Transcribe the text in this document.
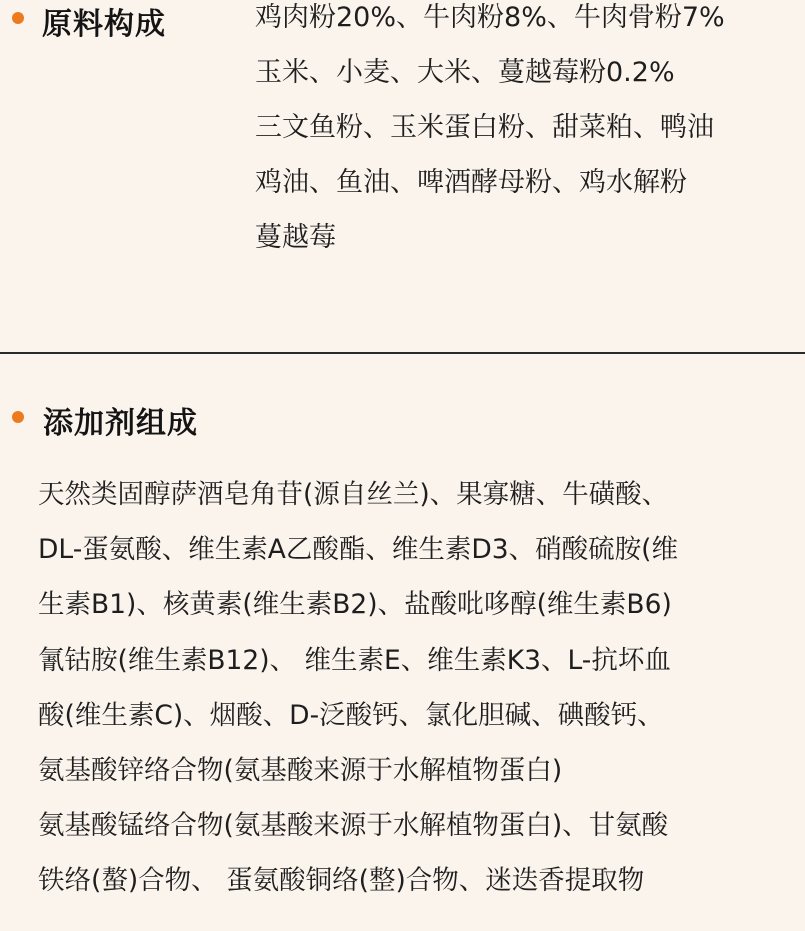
原料构成	鸡肉粉20%、牛肉粉8%、牛肉骨粉7%
玉米、小麦、大米、蔓越莓粉0.2%
三文鱼粉、玉米蛋白粉、甜菜粕、鸭油
鸡油、鱼油、啤酒酵母粉、鸡水解粉
蔓越莓
添加剂组成
天然类固醇萨酒皂角苷(源自丝兰)、果寡糖、牛磺酸、
DL-蛋氨酸、维生素A乙酸酯、维生素D3、硝酸硫胺(维
生素B1)、核黄素(维生素B2)、盐酸吡哆醇(维生素B6)
氰钴胺(维生素B12)、 维生素E、维生素K3、L-抗坏血
酸(维生素C)、烟酸、D-泛酸钙、氯化胆碱、碘酸钙、
氨基酸锌络合物(氨基酸来源于水解植物蛋白)
氨基酸锰络合物(氨基酸来源于水解植物蛋白)、甘氨酸
铁络(螯)合物、 蛋氨酸铜络(整)合物、迷迭香提取物
